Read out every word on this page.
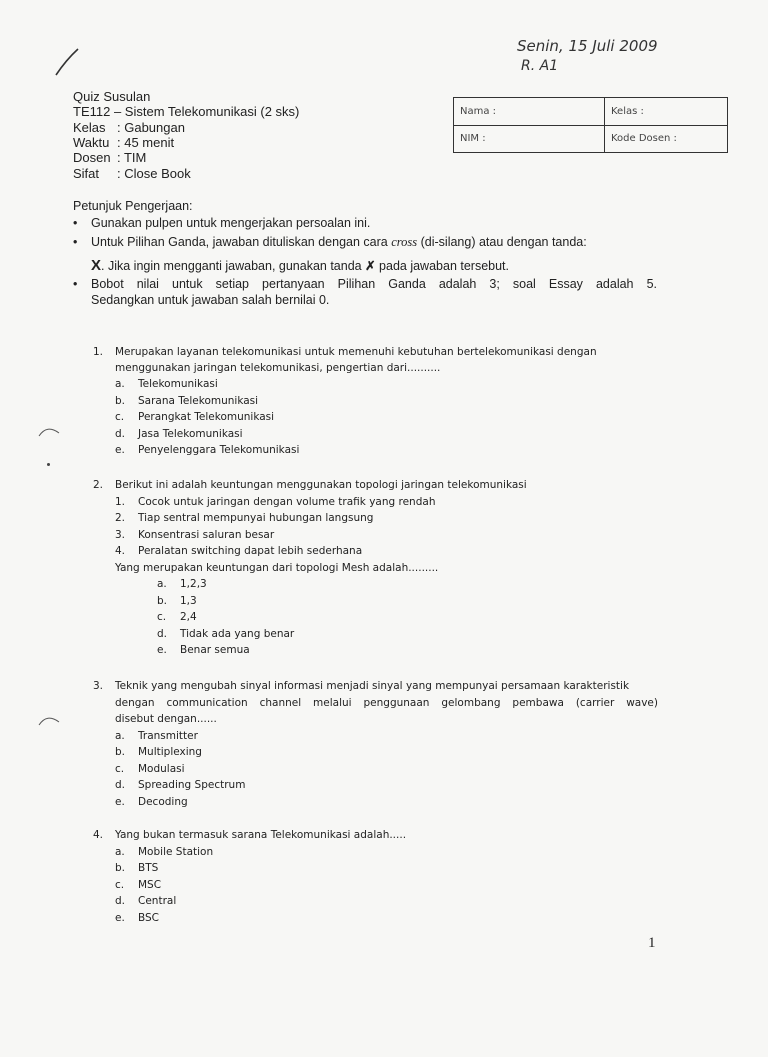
Senin, 15 Juli 2009
R. A1
Quiz Susulan
TE112 – Sistem Telekomunikasi (2 sks)
Kelas : Gabungan
Waktu : 45 menit
Dosen : TIM
Sifat : Close Book
Nama :	Kelas :
NIM :	Kode Dosen :
Petunjuk Pengerjaan:
• Gunakan pulpen untuk mengerjakan persoalan ini.
• Untuk Pilihan Ganda, jawaban dituliskan dengan cara cross (di-silang) atau dengan tanda:
X. Jika ingin mengganti jawaban, gunakan tanda ✗ pada jawaban tersebut.
• Bobot nilai untuk setiap pertanyaan Pilihan Ganda adalah 3; soal Essay adalah 5.
Sedangkan untuk jawaban salah bernilai 0.
1. Merupakan layanan telekomunikasi untuk memenuhi kebutuhan bertelekomunikasi dengan
menggunakan jaringan telekomunikasi, pengertian dari..........
a. Telekomunikasi
b. Sarana Telekomunikasi
c. Perangkat Telekomunikasi
d. Jasa Telekomunikasi
e. Penyelenggara Telekomunikasi
2. Berikut ini adalah keuntungan menggunakan topologi jaringan telekomunikasi
1. Cocok untuk jaringan dengan volume trafik yang rendah
2. Tiap sentral mempunyai hubungan langsung
3. Konsentrasi saluran besar
4. Peralatan switching dapat lebih sederhana
Yang merupakan keuntungan dari topologi Mesh adalah.........
a. 1,2,3
b. 1,3
c. 2,4
d. Tidak ada yang benar
e. Benar semua
3. Teknik yang mengubah sinyal informasi menjadi sinyal yang mempunyai persamaan karakteristik
dengan communication channel melalui penggunaan gelombang pembawa (carrier wave)
disebut dengan......
a. Transmitter
b. Multiplexing
c. Modulasi
d. Spreading Spectrum
e. Decoding
4. Yang bukan termasuk sarana Telekomunikasi adalah.....
a. Mobile Station
b. BTS
c. MSC
d. Central
e. BSC
1
